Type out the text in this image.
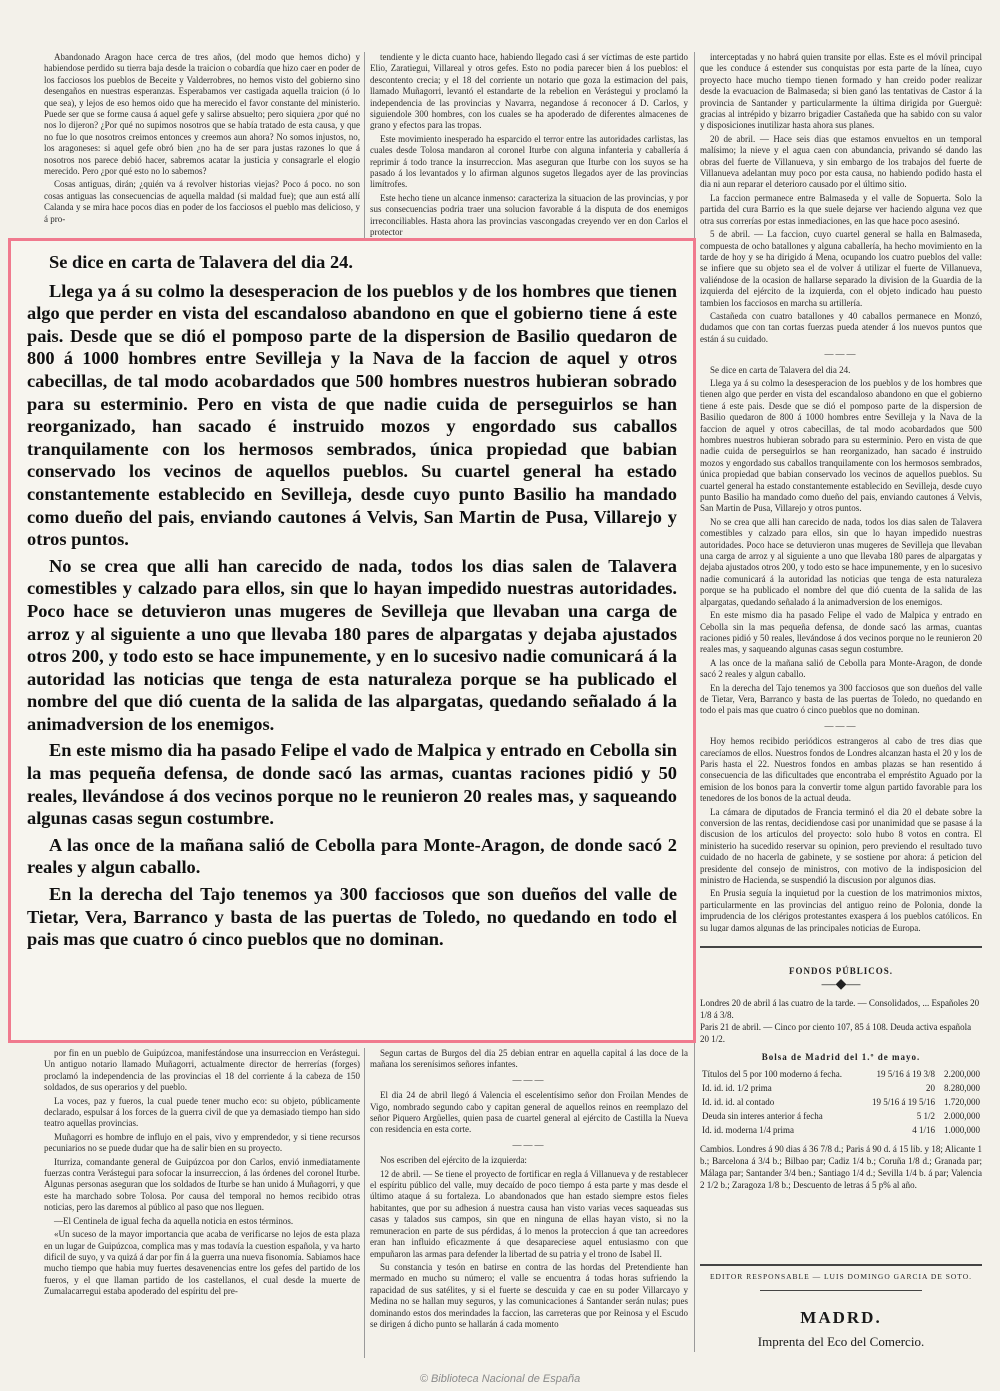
Abandonado Aragon hace cerca de tres años, (del modo que hemos dicho) y habiendose perdido su tierra baja desde la traicion o cobardía que hizo caer en poder de los facciosos los pueblos de Beceite y Valderrobres, no hemos visto del gobierno sino desengaños en nuestras esperanzas. Esperabamos ver castigada aquella traicion (ó lo que sea), y lejos de eso hemos oido que ha merecido el favor constante del ministerio. Puede ser que se forme causa á aquel gefe y salirse absuelto; pero siquiera ¿por qué no nos lo dijeron? ¿Por qué no supimos nosotros que se había tratado de esta causa, y que no fue lo que nosotros creimos entonces y creemos aun ahora? No somos injustos, no, los aragoneses: si aquel gefe obró bien ¿no ha de ser para justas razones lo que á nosotros nos parece debió hacer, sabremos acatar la justicia y consagrarle el elogio merecido. Pero ¿por qué esto no lo sabemos?

Cosas antiguas, dirán; ¿quién va á revolver historias viejas? Poco á poco. no son cosas antiguas las consecuencias de aquella maldad (si maldad fue); que aun está allí Calanda y se mira hace pocos dias en poder de los facciosos el pueblo mas delicioso, y á pro-

tendiente y le dicta cuanto hace, habiendo llegado casi á ser víctimas de este partido Elio, Zaratiegui, Villareal y otros gefes. Esto no podia parecer bien á los pueblos: el descontento crecia; y el 18 del corriente un notario que goza la estimacion del pais, llamado Muñagorri, levantó el estandarte de la rebelion en Verástegui y proclamó la independencia de las provincias y Navarra, negandose á reconocer á D. Carlos, y siguiendole 300 hombres, con los cuales se ha apoderado de diferentes almacenes de grano y efectos para las tropas.

Este movimiento inesperado ha esparcido el terror entre las autoridades carlistas, las cuales desde Tolosa mandaron al coronel Iturbe con alguna infanteria y caballería á reprimir á todo trance la insurreccion. Mas aseguran que Iturbe con los suyos se ha pasado á los levantados y lo afirman algunos sugetos llegados ayer de las provincias limítrofes.

Este hecho tiene un alcance inmenso: caracteriza la situacion de las provincias, y por sus consecuencias podria traer una solucion favorable á la disputa de dos enemigos irreconciliables. Hasta ahora las provincias vascongadas creyendo ver en don Carlos el protector

interceptadas y no habrá quien transite por ellas. Este es el móvil principal que les conduce á estender sus conquistas por esta parte de la línea, cuyo proyecto hace mucho tiempo tienen formado y han creido poder realizar desde la evacuacion de Balmaseda; si bien ganó las tentativas de Castor á la provincia de Santander y particularmente la última dirigida por Guerguè: gracias al intrépido y bizarro brigadier Castañeda que ha sabido con su valor y disposiciones inutilizar hasta ahora sus planes.

20 de abril. — Hace seis dias que estamos envueltos en un temporal malísimo; la nieve y el agua caen con abundancia, privando sé dando las obras del fuerte de Villanueva, y sin embargo de los trabajos del fuerte de Villanueva adelantan muy poco por esta causa, no habiendo podido hasta el dia ni aun reparar el deterioro causado por el último sitio.

La faccion permanece entre Balmaseda y el valle de Sopuerta. Solo la partida del cura Barrio es la que suele dejarse ver haciendo alguna vez que otra sus correrías por estas inmediaciones, en las que hace poco asesinó.

5 de abril. — La faccion, cuyo cuartel general se halla en Balmaseda, compuesta de ocho batallones y alguna caballería, ha hecho movimiento en la tarde de hoy y se ha dirigido á Mena, ocupando los cuatro pueblos del valle: se infiere que su objeto sea el de volver á utilizar el fuerte de Villanueva, valiéndose de la ocasion de hallarse separado la division de la Guardia de la izquierda del ejército de la izquierda, con el objeto indicado hau puesto tambien los facciosos en marcha su artillería.

Castañeda con cuatro batallones y 40 caballos permanece en Monzó, dudamos que con tan cortas fuerzas pueda atender á los nuevos puntos que están á su cuidado.

———

Se dice en carta de Talavera del dia 24.

Llega ya á su colmo la desesperacion de los pueblos y de los hombres que tienen algo que perder en vista del escandaloso abandono en que el gobierno tiene á este pais. Desde que se dió el pomposo parte de la dispersion de Basilio quedaron de 800 á 1000 hombres entre Sevilleja y la Nava de la faccion de aquel y otros cabecillas, de tal modo acobardados que 500 hombres nuestros hubieran sobrado para su esterminio. Pero en vista de que nadie cuida de perseguirlos se han reorganizado, han sacado é instruido mozos y engordado sus caballos tranquilamente con los hermosos sembrados, única propiedad que babian conservado los vecinos de aquellos pueblos. Su cuartel general ha estado constantemente establecido en Sevilleja, desde cuyo punto Basilio ha mandado como dueño del pais, enviando cautones á Velvis, San Martin de Pusa, Villarejo y otros puntos.

No se crea que alli han carecido de nada, todos los dias salen de Talavera comestibles y calzado para ellos, sin que lo hayan impedido nuestras autoridades. Poco hace se detuvieron unas mugeres de Sevilleja que llevaban una carga de arroz y al siguiente a uno que llevaba 180 pares de alpargatas y dejaba ajustados otros 200, y todo esto se hace impunemente, y en lo sucesivo nadie comunicará á la autoridad las noticias que tenga de esta naturaleza porque se ha publicado el nombre del que dió cuenta de la salida de las alpargatas, quedando señalado á la animadversion de los enemigos.

En este mismo dia ha pasado Felipe el vado de Malpica y entrado en Cebolla sin la mas pequeña defensa, de donde sacó las armas, cuantas raciones pidió y 50 reales, llevándose á dos vecinos porque no le reunieron 20 reales mas, y saqueando algunas casas segun costumbre.

A las once de la mañana salió de Cebolla para Monte-Aragon, de donde sacó 2 reales y algun caballo.

En la derecha del Tajo tenemos ya 300 facciosos que son dueños del valle de Tietar, Vera, Barranco y basta de las puertas de Toledo, no quedando en todo el pais mas que cuatro ó cinco pueblos que no dominan.

———

Hoy hemos recibido periódicos estrangeros al cabo de tres dias que carecíamos de ellos. Nuestros fondos de Londres alcanzan hasta el 20 y los de Paris hasta el 22. Nuestros fondos en ambas plazas se han resentido á consecuencia de las dificultades que encontraba el empréstito Aguado por la emision de los bonos para la convertir tome algun partido favorable para los tenedores de los bonos de la actual deuda.

La cámara de diputados de Francia terminó el dia 20 el debate sobre la conversion de las rentas, decidiendose casi por unanimidad que se pasase á la discusion de los artículos del proyecto: solo hubo 8 votos en contra. El ministerio ha sucedido reservar su opinion, pero previendo el resultado tuvo cuidado de no hacerla de gabinete, y se sostiene por ahora: á peticion del presidente del consejo de ministros, con motivo de la indisposicion del ministro de Hacienda, se suspendió la discusion por algunos dias.

En Prusia seguía la inquietud por la cuestion de los matrimonios mixtos, particularmente en las provincias del antiguo reino de Polonia, donde la imprudencia de los clérigos protestantes exaspera á los pueblos católicos. En su lugar damos algunas de las principales noticias de Europa.

Se dice en carta de Talavera del dia 24.

Llega ya á su colmo la desesperacion de los pueblos y de los hombres que tienen algo que perder en vista del escandaloso abandono en que el gobierno tiene á este pais. Desde que se dió el pomposo parte de la dispersion de Basilio quedaron de 800 á 1000 hombres entre Sevilleja y la Nava de la faccion de aquel y otros cabecillas, de tal modo acobardados que 500 hombres nuestros hubieran sobrado para su esterminio. Pero en vista de que nadie cuida de perseguirlos se han reorganizado, han sacado é instruido mozos y engordado sus caballos tranquilamente con los hermosos sembrados, única propiedad que babian conservado los vecinos de aquellos pueblos. Su cuartel general ha estado constantemente establecido en Sevilleja, desde cuyo punto Basilio ha mandado como dueño del pais, enviando cautones á Velvis, San Martin de Pusa, Villarejo y otros puntos.

No se crea que alli han carecido de nada, todos los dias salen de Talavera comestibles y calzado para ellos, sin que lo hayan impedido nuestras autoridades. Poco hace se detuvieron unas mugeres de Sevilleja que llevaban una carga de arroz y al siguiente a uno que llevaba 180 pares de alpargatas y dejaba ajustados otros 200, y todo esto se hace impunemente, y en lo sucesivo nadie comunicará á la autoridad las noticias que tenga de esta naturaleza porque se ha publicado el nombre del que dió cuenta de la salida de las alpargatas, quedando señalado á la animadversion de los enemigos.

En este mismo dia ha pasado Felipe el vado de Malpica y entrado en Cebolla sin la mas pequeña defensa, de donde sacó las armas, cuantas raciones pidió y 50 reales, llevándose á dos vecinos porque no le reunieron 20 reales mas, y saqueando algunas casas segun costumbre.

A las once de la mañana salió de Cebolla para Monte-Aragon, de donde sacó 2 reales y algun caballo.

En la derecha del Tajo tenemos ya 300 facciosos que son dueños del valle de Tietar, Vera, Barranco y basta de las puertas de Toledo, no quedando en todo el pais mas que cuatro ó cinco pueblos que no dominan.

por fin en un pueblo de Guipúzcoa, manifestándose una insurreccion en Verástegui. Un antiguo notario llamado Muñagorri, actualmente director de herrerías (forges) proclamó la independencia de las provincias el 18 del corriente á la cabeza de 150 soldados, de sus operarios y del pueblo.

La voces, paz y fueros, la cual puede tener mucho eco: su objeto, públicamente declarado, espulsar á los forces de la guerra civil de que ya demasiado tiempo han sido teatro aquellas provincias.

Muñagorri es hombre de influjo en el pais, vivo y emprendedor, y si tiene recursos pecuniarios no se puede dudar que ha de salir bien en su proyecto.

Iturriza, comandante general de Guipúzcoa por don Carlos, envió inmediatamente fuerzas contra Verástegui para sofocar la insurreccion, á las órdenes del coronel Iturbe. Algunas personas aseguran que los soldados de Iturbe se han unido á Muñagorri, y que este ha marchado sobre Tolosa. Por causa del temporal no hemos recibido otras noticias, pero las daremos al público al paso que nos lleguen.

—El Centinela de igual fecha da aquella noticia en estos términos.

«Un suceso de la mayor importancia que acaba de verificarse no lejos de esta plaza en un lugar de Guipúzcoa, complica mas y mas todavía la cuestion española, y va harto dificil de suyo, y va quizá á dar por fin á la guerra una nueva fisonomía. Sabiamos hace mucho tiempo que habia muy fuertes desavenencias entre los gefes del partido de los fueros, y el que llaman partido de los castellanos, el cual desde la muerte de Zumalacarregui estaba apoderado del espíritu del pre-

Segun cartas de Burgos del dia 25 debian entrar en aquella capital á las doce de la mañana los serenísimos señores infantes.

———

El dia 24 de abril llegó á Valencia el escelentísimo señor don Froilan Mendes de Vigo, nombrado segundo cabo y capitan general de aquellos reinos en reemplazo del señor Piquero Argüelles, quien pasa de cuartel general al ejército de Castilla la Nueva con residencia en esta corte.

———

Nos escriben del ejército de la izquierda:

12 de abril. — Se tiene el proyecto de fortificar en regla á Villanueva y de restablecer el espíritu público del valle, muy decaído de poco tiempo á esta parte y mas desde el último ataque á su fortaleza. Lo abandonados que han estado siempre estos fieles habitantes, que por su adhesion á nuestra causa han visto varias veces saqueadas sus casas y talados sus campos, sin que en ninguna de ellas hayan visto, si no la remuneracion en parte de sus pérdidas, á lo menos la proteccion á que tan acreedores eran han influido eficazmente á que desapareciese aquel entusiasmo con que empuñaron las armas para defender la libertad de su patria y el trono de Isabel II.

Su constancia y tesón en batirse en contra de las hordas del Pretendiente han mermado en mucho su número; el valle se encuentra á todas horas sufriendo la rapacidad de sus satélites, y si el fuerte se descuida y cae en su poder Villarcayo y Medina no se hallan muy seguros, y las comunicaciones á Santander serán nulas; pues dominando estos dos merindades la faccion, las carreteras que por Reinosa y el Escudo se dirigen á dicho punto se hallarán á cada momento

FONDOS PÚBLICOS.
—◆—
Londres 20 de abril á las cuatro de la tarde. — Consolidados, ... Españoles 20 1/8 á 3/8.
Paris 21 de abril. — Cinco por ciento 107, 85 á 108. Deuda activa española 20 1/2.
Bolsa de Madrid del 1.º de mayo.
Títulos del 5 por 100 moderno á fecha.	19 5/16 á 19 3/8	2.200,000
Id. id. id. 1/2 prima	20	8.280,000
Id. id. id. al contado	19 5/16 á 19 5/16	1.720,000
Deuda sin interes anterior á fecha	5 1/2	2.000,000
Id. id. moderna 1/4 prima	4 1/16	1.000,000
Cambios. Londres á 90 dias á 36 7/8 d.; Paris á 90 d. á 15 lib. y 18; Alicante 1 b.; Barcelona á 3/4 b.; Bilbao par; Cadiz 1/4 b.; Coruña 1/8 d.; Granada par; Málaga par; Santander 3/4 ben.; Santiago 1/4 d.; Sevilla 1/4 b. á par; Valencia 2 1/2 b.; Zaragoza 1/8 b.; Descuento de letras á 5 p% al año.
EDITOR RESPONSABLE — LUIS DOMINGO GARCIA DE SOTO.
MADRD.
Imprenta del Eco del Comercio.
© Biblioteca Nacional de España
